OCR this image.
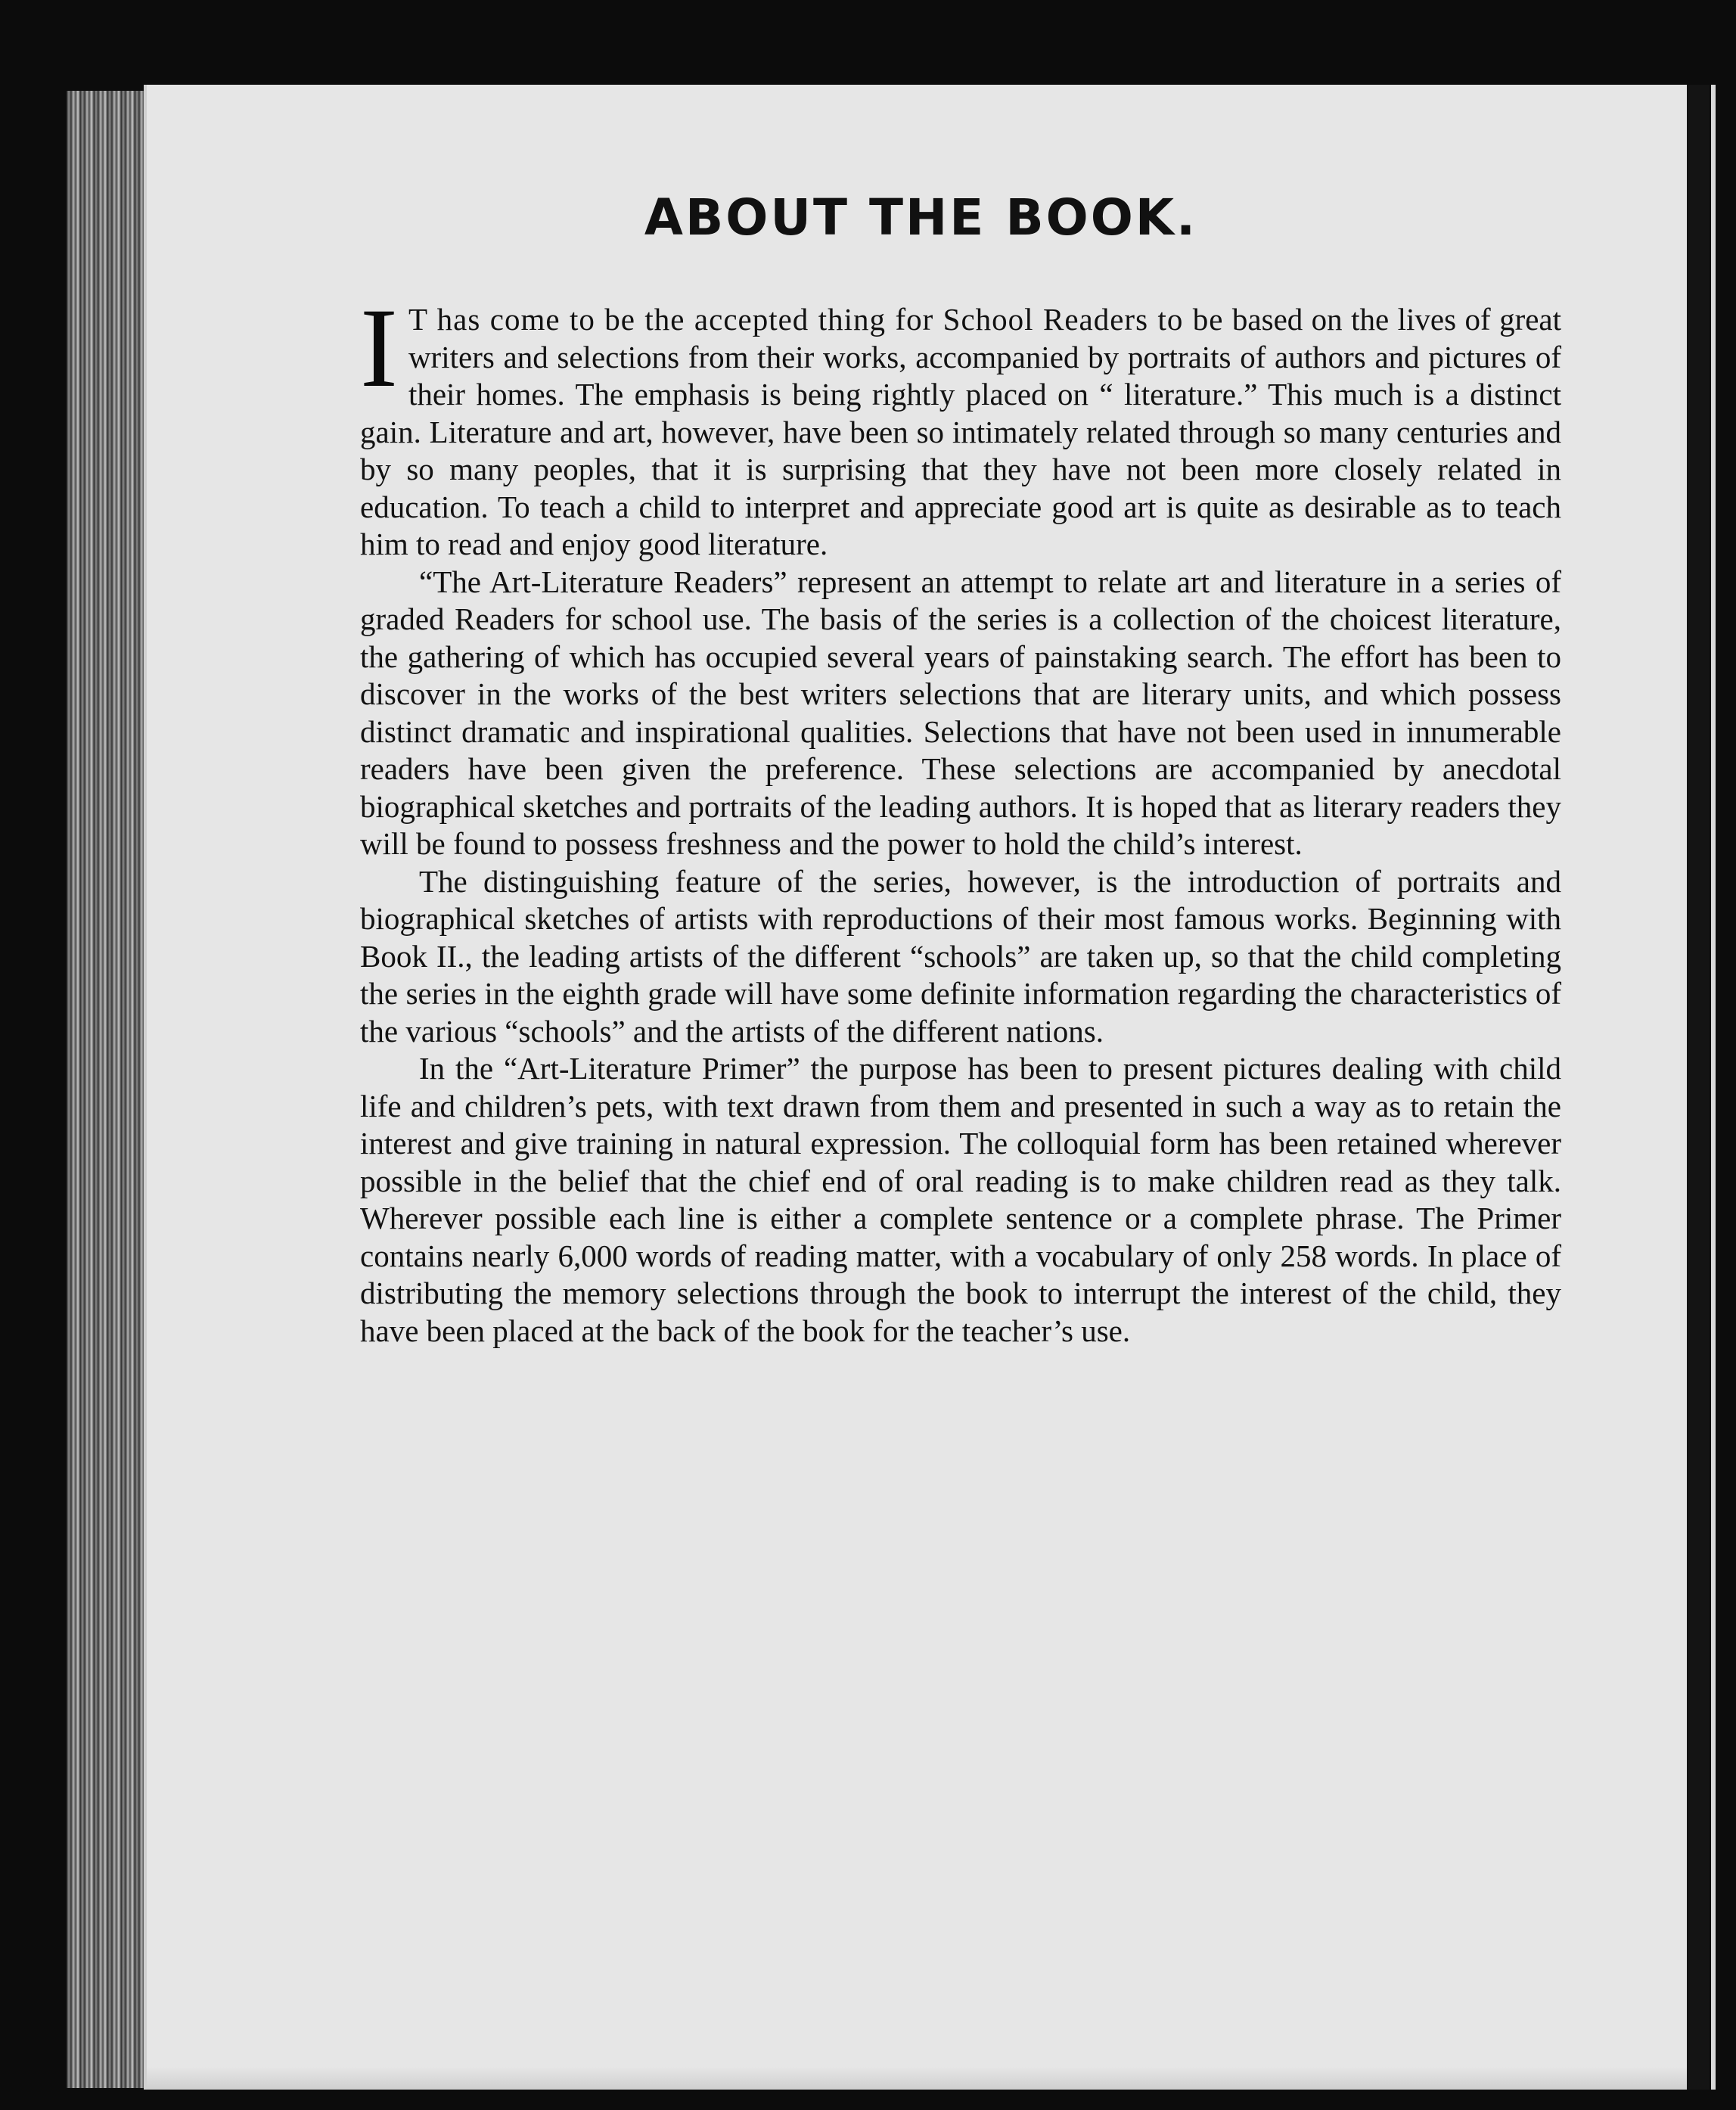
ABOUT THE BOOK.

I T has come to be the accepted thing for School Readers to be based on the lives of great writers and selections from their works, accompanied by portraits of authors and pictures of their homes. The emphasis is being rightly placed on “ literature.” This much is a distinct gain. Literature and art, however, have been so intimately related through so many centuries and by so many peoples, that it is surprising that they have not been more closely related in education. To teach a child to interpret and appreciate good art is quite as desirable as to teach him to read and enjoy good literature.

“The Art-Literature Readers” represent an attempt to relate art and literature in a series of graded Readers for school use. The basis of the series is a collection of the choicest literature, the gathering of which has occupied several years of painstaking search. The effort has been to discover in the works of the best writers selections that are literary units, and which possess distinct dramatic and inspirational qualities. Selections that have not been used in innumerable readers have been given the preference. These selections are accompanied by anecdotal biographical sketches and portraits of the leading authors. It is hoped that as literary readers they will be found to possess freshness and the power to hold the child’s interest.

The distinguishing feature of the series, however, is the introduction of portraits and biographical sketches of artists with reproductions of their most famous works. Beginning with Book II., the leading artists of the different “schools” are taken up, so that the child completing the series in the eighth grade will have some definite information regarding the characteristics of the various “schools” and the artists of the different nations.

In the “Art-Literature Primer” the purpose has been to present pictures dealing with child life and children’s pets, with text drawn from them and presented in such a way as to retain the interest and give training in natural expression. The colloquial form has been retained wherever possible in the belief that the chief end of oral reading is to make children read as they talk. Wherever possible each line is either a complete sentence or a complete phrase. The Primer contains nearly 6,000 words of reading matter, with a vocabulary of only 258 words. In place of distributing the memory selections through the book to interrupt the interest of the child, they have been placed at the back of the book for the teacher’s use.
